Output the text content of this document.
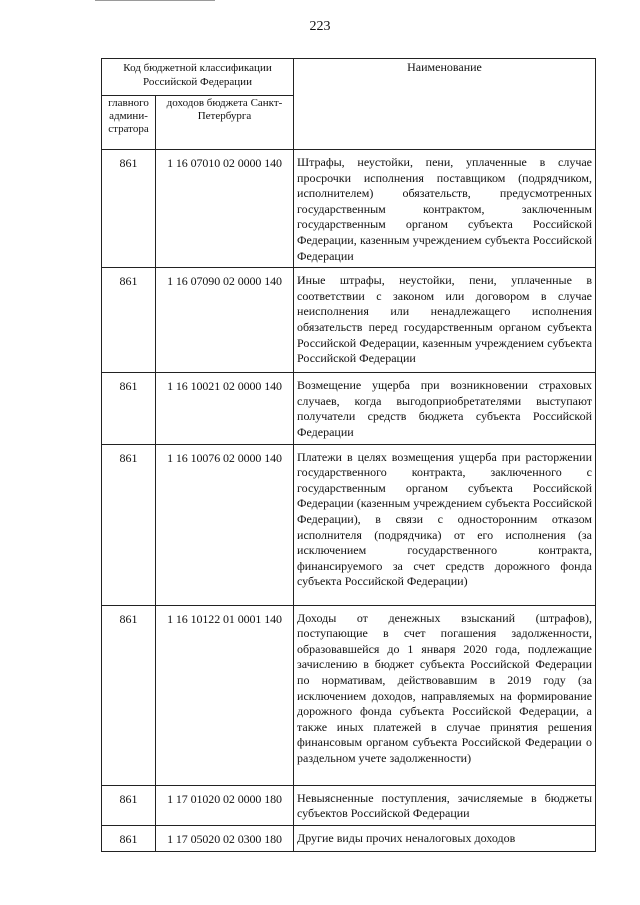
223
Код бюджетной классификации Российской Федерации		Наименование
главного админи-стратора	доходов бюджета Санкт-Петербурга	
861	1 16 07010 02 0000 140	Штрафы, неустойки, пени, уплаченные в случае просрочки исполнения поставщиком (подрядчиком, исполнителем) обязательств, предусмотренных государственным контрактом, заключенным государственным органом субъекта Российской Федерации, казенным учреждением субъекта Российской Федерации
861	1 16 07090 02 0000 140	Иные штрафы, неустойки, пени, уплаченные в соответствии с законом или договором в случае неисполнения или ненадлежащего исполнения обязательств перед государственным органом субъекта Российской Федерации, казенным учреждением субъекта Российской Федерации
861	1 16 10021 02 0000 140	Возмещение ущерба при возникновении страховых случаев, когда выгодоприобретателями выступают получатели средств бюджета субъекта Российской Федерации
861	1 16 10076 02 0000 140	Платежи в целях возмещения ущерба при расторжении государственного контракта, заключенного с государственным органом субъекта Российской Федерации (казенным учреждением субъекта Российской Федерации), в связи с односторонним отказом исполнителя (подрядчика) от его исполнения (за исключением государственного контракта, финансируемого за счет средств дорожного фонда субъекта Российской Федерации)
861	1 16 10122 01 0001 140	Доходы от денежных взысканий (штрафов), поступающие в счет погашения задолженности, образовавшейся до 1 января 2020 года, подлежащие зачислению в бюджет субъекта Российской Федерации по нормативам, действовавшим в 2019 году (за исключением доходов, направляемых на формирование дорожного фонда субъекта Российской Федерации, а также иных платежей в случае принятия решения финансовым органом субъекта Российской Федерации о раздельном учете задолженности)
861	1 17 01020 02 0000 180	Невыясненные поступления, зачисляемые в бюджеты субъектов Российской Федерации
861	1 17 05020 02 0300 180	Другие виды прочих неналоговых доходов
